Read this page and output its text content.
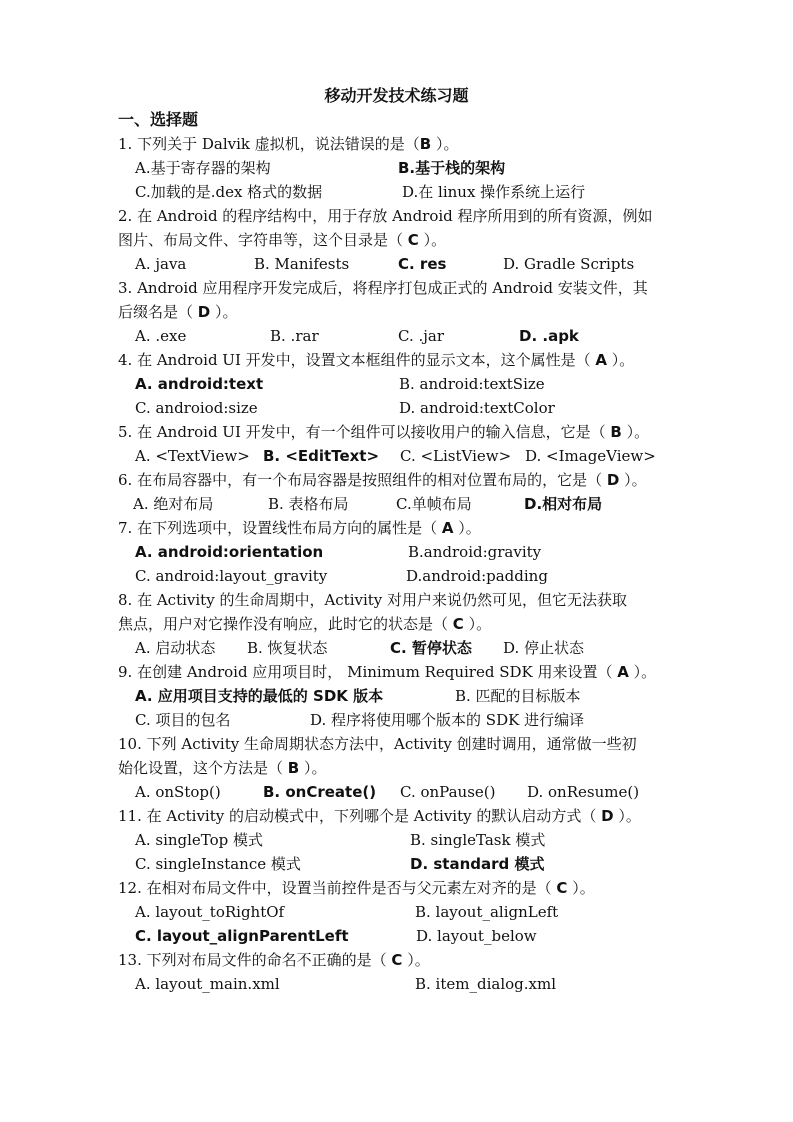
移动开发技术练习题
一、选择题
1. 下列关于 Dalvik 虚拟机，说法错误的是（B ）。
A.基于寄存器的架构	B.基于栈的架构
C.加载的是.dex 格式的数据	D.在 linux 操作系统上运行
2. 在 Android 的程序结构中，用于存放 Android 程序所用到的所有资源，例如
图片、布局文件、字符串等，这个目录是（ C ）。
A. java	B. Manifests	C. res	D. Gradle Scripts
3. Android 应用程序开发完成后，将程序打包成正式的 Android 安装文件，其
后缀名是（ D ）。
A. .exe	B. .rar	C. .jar	D. .apk
4. 在 Android UI 开发中，设置文本框组件的显示文本，这个属性是（ A ）。
A. android:text	B. android:textSize
C. androiod:size	D. android:textColor
5. 在 Android UI 开发中，有一个组件可以接收用户的输入信息，它是（ B ）。
A. <TextView> B. <EditText> C. <ListView> D. <ImageView>
6. 在布局容器中，有一个布局容器是按照组件的相对位置布局的，它是（ D ）。
A. 绝对布局	B. 表格布局	C.单帧布局	D.相对布局
7. 在下列选项中，设置线性布局方向的属性是（ A ）。
A. android:orientation	B.android:gravity
C. android:layout_gravity	D.android:padding
8. 在 Activity 的生命周期中，Activity 对用户来说仍然可见，但它无法获取
焦点，用户对它操作没有响应，此时它的状态是（ C ）。
A. 启动状态 B. 恢复状态	C. 暂停状态 D. 停止状态
9. 在创建 Android 应用项目时， Minimum Required SDK 用来设置（ A ）。
A. 应用项目支持的最低的 SDK 版本	B. 匹配的目标版本
C. 项目的包名	D. 程序将使用哪个版本的 SDK 进行编译
10. 下列 Activity 生命周期状态方法中，Activity 创建时调用，通常做一些初
始化设置，这个方法是（ B ）。
A. onStop()	B. onCreate() C. onPause() D. onResume()
11. 在 Activity 的启动模式中，下列哪个是 Activity 的默认启动方式（ D ）。
A. singleTop 模式	B. singleTask 模式
C. singleInstance 模式	D. standard 模式
12. 在相对布局文件中，设置当前控件是否与父元素左对齐的是（ C ）。
A. layout_toRightOf	B. layout_alignLeft
C. layout_alignParentLeft	D. layout_below
13. 下列对布局文件的命名不正确的是（ C ）。
A. layout_main.xml	B. item_dialog.xml
